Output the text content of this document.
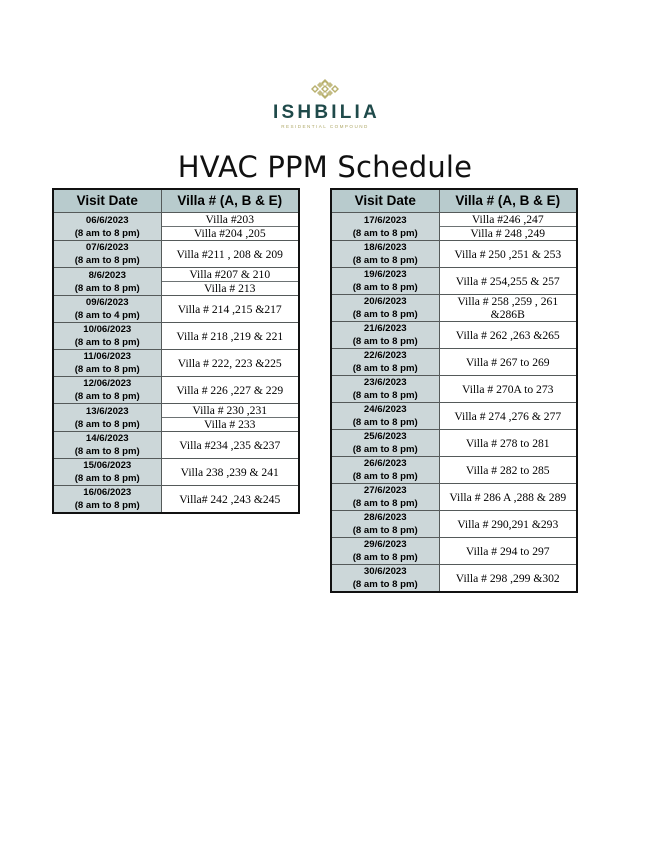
ISHBILIA
RESIDENTIAL COMPOUND
HVAC PPM Schedule
Visit Date	Villa # (A, B & E)

06/6/2023
(8 am to 8 pm)	Villa #203
	Villa #204 ,205

07/6/2023
(8 am to 8 pm)	Villa #211 , 208 & 209

8/6/2023
(8 am to 8 pm)	Villa #207 & 210
	Villa # 213

09/6/2023
(8 am to 4 pm)	Villa # 214 ,215 &217

10/06/2023
(8 am to 8 pm)	Villa # 218 ,219 & 221

11/06/2023
(8 am to 8 pm)	Villa # 222, 223 &225

12/06/2023
(8 am to 8 pm)	Villa # 226 ,227 & 229

13/6/2023
(8 am to 8 pm)	Villa # 230 ,231
	Villa # 233

14/6/2023
(8 am to 8 pm)	Villa #234 ,235 &237

15/06/2023
(8 am to 8 pm)	Villa 238 ,239 & 241

16/06/2023
(8 am to 8 pm)	Villa# 242 ,243 &245
Visit Date	Villa # (A, B & E)

17/6/2023
(8 am to 8 pm)	Villa #246 ,247
	Villa # 248 ,249

18/6/2023
(8 am to 8 pm)	Villa # 250 ,251 & 253

19/6/2023
(8 am to 8 pm)	Villa # 254,255 & 257

20/6/2023
(8 am to 8 pm)	Villa # 258 ,259 , 261 &286B

21/6/2023
(8 am to 8 pm)	Villa # 262 ,263 &265

22/6/2023
(8 am to 8 pm)	Villa # 267 to 269

23/6/2023
(8 am to 8 pm)	Villa # 270A to 273

24/6/2023
(8 am to 8 pm)	Villa # 274 ,276 & 277

25/6/2023
(8 am to 8 pm)	Villa # 278 to 281

26/6/2023
(8 am to 8 pm)	Villa # 282 to 285

27/6/2023
(8 am to 8 pm)	Villa # 286 A ,288 & 289

28/6/2023
(8 am to 8 pm)	Villa # 290,291 &293

29/6/2023
(8 am to 8 pm)	Villa # 294 to 297

30/6/2023
(8 am to 8 pm)	Villa # 298 ,299 &302
